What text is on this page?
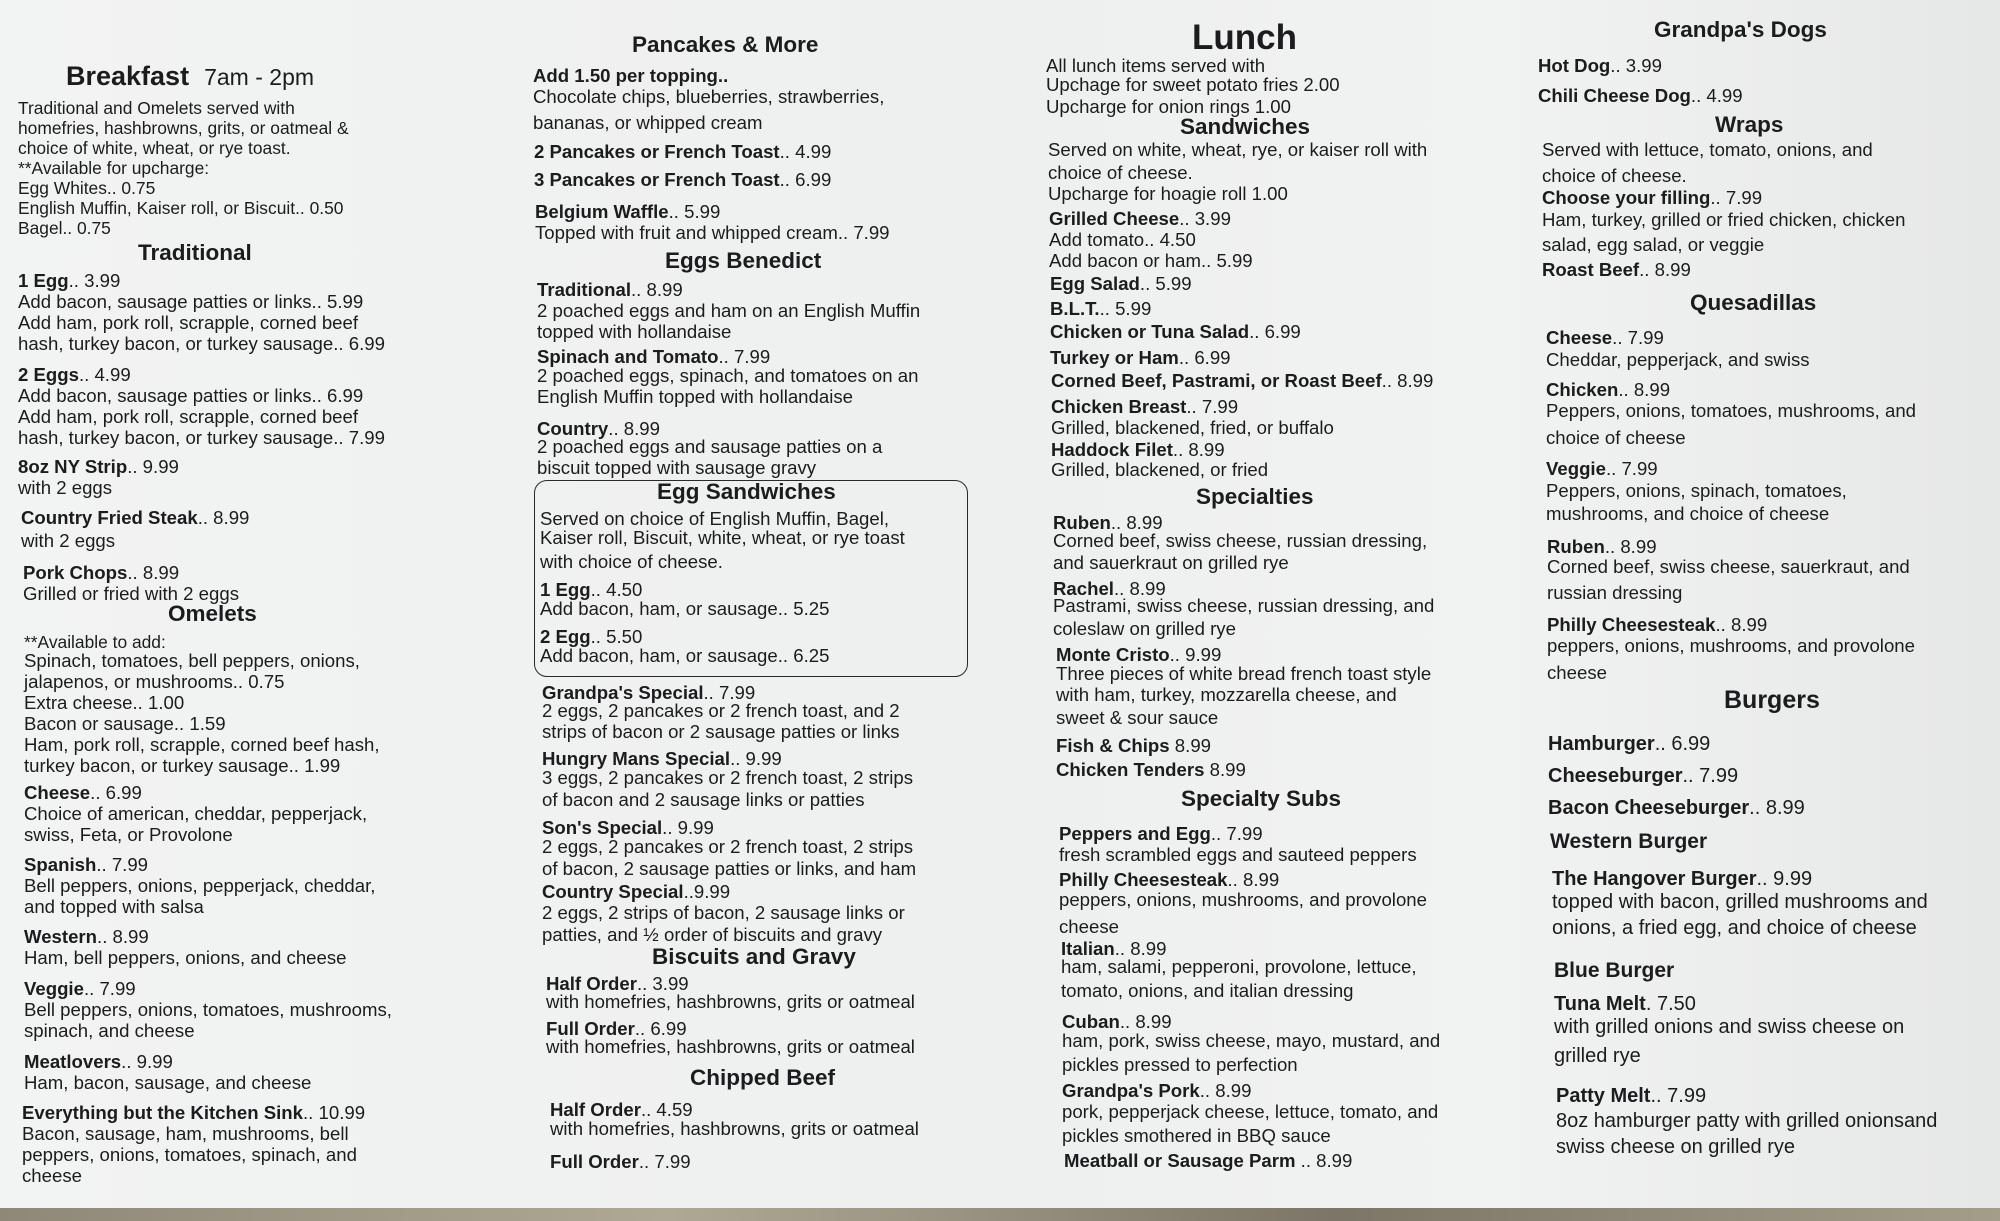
Breakfast 7am - 2pm
Traditional and Omelets served with
homefries, hashbrowns, grits, or oatmeal &
choice of white, wheat, or rye toast.
**Available for upcharge:
Egg Whites.. 0.75
English Muffin, Kaiser roll, or Biscuit.. 0.50
Bagel.. 0.75
Traditional
1 Egg.. 3.99
Add bacon, sausage patties or links.. 5.99
Add ham, pork roll, scrapple, corned beef
hash, turkey bacon, or turkey sausage.. 6.99
2 Eggs.. 4.99
Add bacon, sausage patties or links.. 6.99
Add ham, pork roll, scrapple, corned beef
hash, turkey bacon, or turkey sausage.. 7.99
8oz NY Strip.. 9.99
with 2 eggs
Country Fried Steak.. 8.99
with 2 eggs
Pork Chops.. 8.99
Grilled or fried with 2 eggs
Omelets
**Available to add:
Spinach, tomatoes, bell peppers, onions,
jalapenos, or mushrooms.. 0.75
Extra cheese.. 1.00
Bacon or sausage.. 1.59
Ham, pork roll, scrapple, corned beef hash,
turkey bacon, or turkey sausage.. 1.99
Cheese.. 6.99
Choice of american, cheddar, pepperjack,
swiss, Feta, or Provolone
Spanish.. 7.99
Bell peppers, onions, pepperjack, cheddar,
and topped with salsa
Western.. 8.99
Ham, bell peppers, onions, and cheese
Veggie.. 7.99
Bell peppers, onions, tomatoes, mushrooms,
spinach, and cheese
Meatlovers.. 9.99
Ham, bacon, sausage, and cheese
Everything but the Kitchen Sink.. 10.99
Bacon, sausage, ham, mushrooms, bell
peppers, onions, tomatoes, spinach, and
cheese
Pancakes & More
Add 1.50 per topping..
Chocolate chips, blueberries, strawberries,
bananas, or whipped cream
2 Pancakes or French Toast.. 4.99
3 Pancakes or French Toast.. 6.99
Belgium Waffle.. 5.99
Topped with fruit and whipped cream.. 7.99
Eggs Benedict
Traditional.. 8.99
2 poached eggs and ham on an English Muffin
topped with hollandaise
Spinach and Tomato.. 7.99
2 poached eggs, spinach, and tomatoes on an
English Muffin topped with hollandaise
Country.. 8.99
2 poached eggs and sausage patties on a
biscuit topped with sausage gravy
Egg Sandwiches
Served on choice of English Muffin, Bagel,
Kaiser roll, Biscuit, white, wheat, or rye toast
with choice of cheese.
1 Egg.. 4.50
Add bacon, ham, or sausage.. 5.25
2 Egg.. 5.50
Add bacon, ham, or sausage.. 6.25
Grandpa's Special.. 7.99
2 eggs, 2 pancakes or 2 french toast, and 2
strips of bacon or 2 sausage patties or links
Hungry Mans Special.. 9.99
3 eggs, 2 pancakes or 2 french toast, 2 strips
of bacon and 2 sausage links or patties
Son's Special.. 9.99
2 eggs, 2 pancakes or 2 french toast, 2 strips
of bacon, 2 sausage patties or links, and ham
Country Special..9.99
2 eggs, 2 strips of bacon, 2 sausage links or
patties, and ½ order of biscuits and gravy
Biscuits and Gravy
Half Order.. 3.99
with homefries, hashbrowns, grits or oatmeal
Full Order.. 6.99
with homefries, hashbrowns, grits or oatmeal
Chipped Beef
Half Order.. 4.59
with homefries, hashbrowns, grits or oatmeal
Full Order.. 7.99
Lunch
All lunch items served with
Upchage for sweet potato fries 2.00
Upcharge for onion rings 1.00
Sandwiches
Served on white, wheat, rye, or kaiser roll with
choice of cheese.
Upcharge for hoagie roll 1.00
Grilled Cheese.. 3.99
Add tomato.. 4.50
Add bacon or ham.. 5.99
Egg Salad.. 5.99
B.L.T... 5.99
Chicken or Tuna Salad.. 6.99
Turkey or Ham.. 6.99
Corned Beef, Pastrami, or Roast Beef.. 8.99
Chicken Breast.. 7.99
Grilled, blackened, fried, or buffalo
Haddock Filet.. 8.99
Grilled, blackened, or fried
Specialties
Ruben.. 8.99
Corned beef, swiss cheese, russian dressing,
and sauerkraut on grilled rye
Rachel.. 8.99
Pastrami, swiss cheese, russian dressing, and
coleslaw on grilled rye
Monte Cristo.. 9.99
Three pieces of white bread french toast style
with ham, turkey, mozzarella cheese, and
sweet & sour sauce
Fish & Chips 8.99
Chicken Tenders 8.99
Specialty Subs
Peppers and Egg.. 7.99
fresh scrambled eggs and sauteed peppers
Philly Cheesesteak.. 8.99
peppers, onions, mushrooms, and provolone
cheese
Italian.. 8.99
ham, salami, pepperoni, provolone, lettuce,
tomato, onions, and italian dressing
Cuban.. 8.99
ham, pork, swiss cheese, mayo, mustard, and
pickles pressed to perfection
Grandpa's Pork.. 8.99
pork, pepperjack cheese, lettuce, tomato, and
pickles smothered in BBQ sauce
Meatball or Sausage Parm .. 8.99
Grandpa's Dogs
Hot Dog.. 3.99
Chili Cheese Dog.. 4.99
Wraps
Served with lettuce, tomato, onions, and
choice of cheese.
Choose your filling.. 7.99
Ham, turkey, grilled or fried chicken, chicken
salad, egg salad, or veggie
Roast Beef.. 8.99
Quesadillas
Cheese.. 7.99
Cheddar, pepperjack, and swiss
Chicken.. 8.99
Peppers, onions, tomatoes, mushrooms, and
choice of cheese
Veggie.. 7.99
Peppers, onions, spinach, tomatoes,
mushrooms, and choice of cheese
Ruben.. 8.99
Corned beef, swiss cheese, sauerkraut, and
russian dressing
Philly Cheesesteak.. 8.99
peppers, onions, mushrooms, and provolone
cheese
Burgers
Hamburger.. 6.99
Cheeseburger.. 7.99
Bacon Cheeseburger.. 8.99
Western Burger
The Hangover Burger.. 9.99
topped with bacon, grilled mushrooms and
onions, a fried egg, and choice of cheese
Blue Burger
Tuna Melt. 7.50
with grilled onions and swiss cheese on
grilled rye
Patty Melt.. 7.99
8oz hamburger patty with grilled onionsand
swiss cheese on grilled rye
